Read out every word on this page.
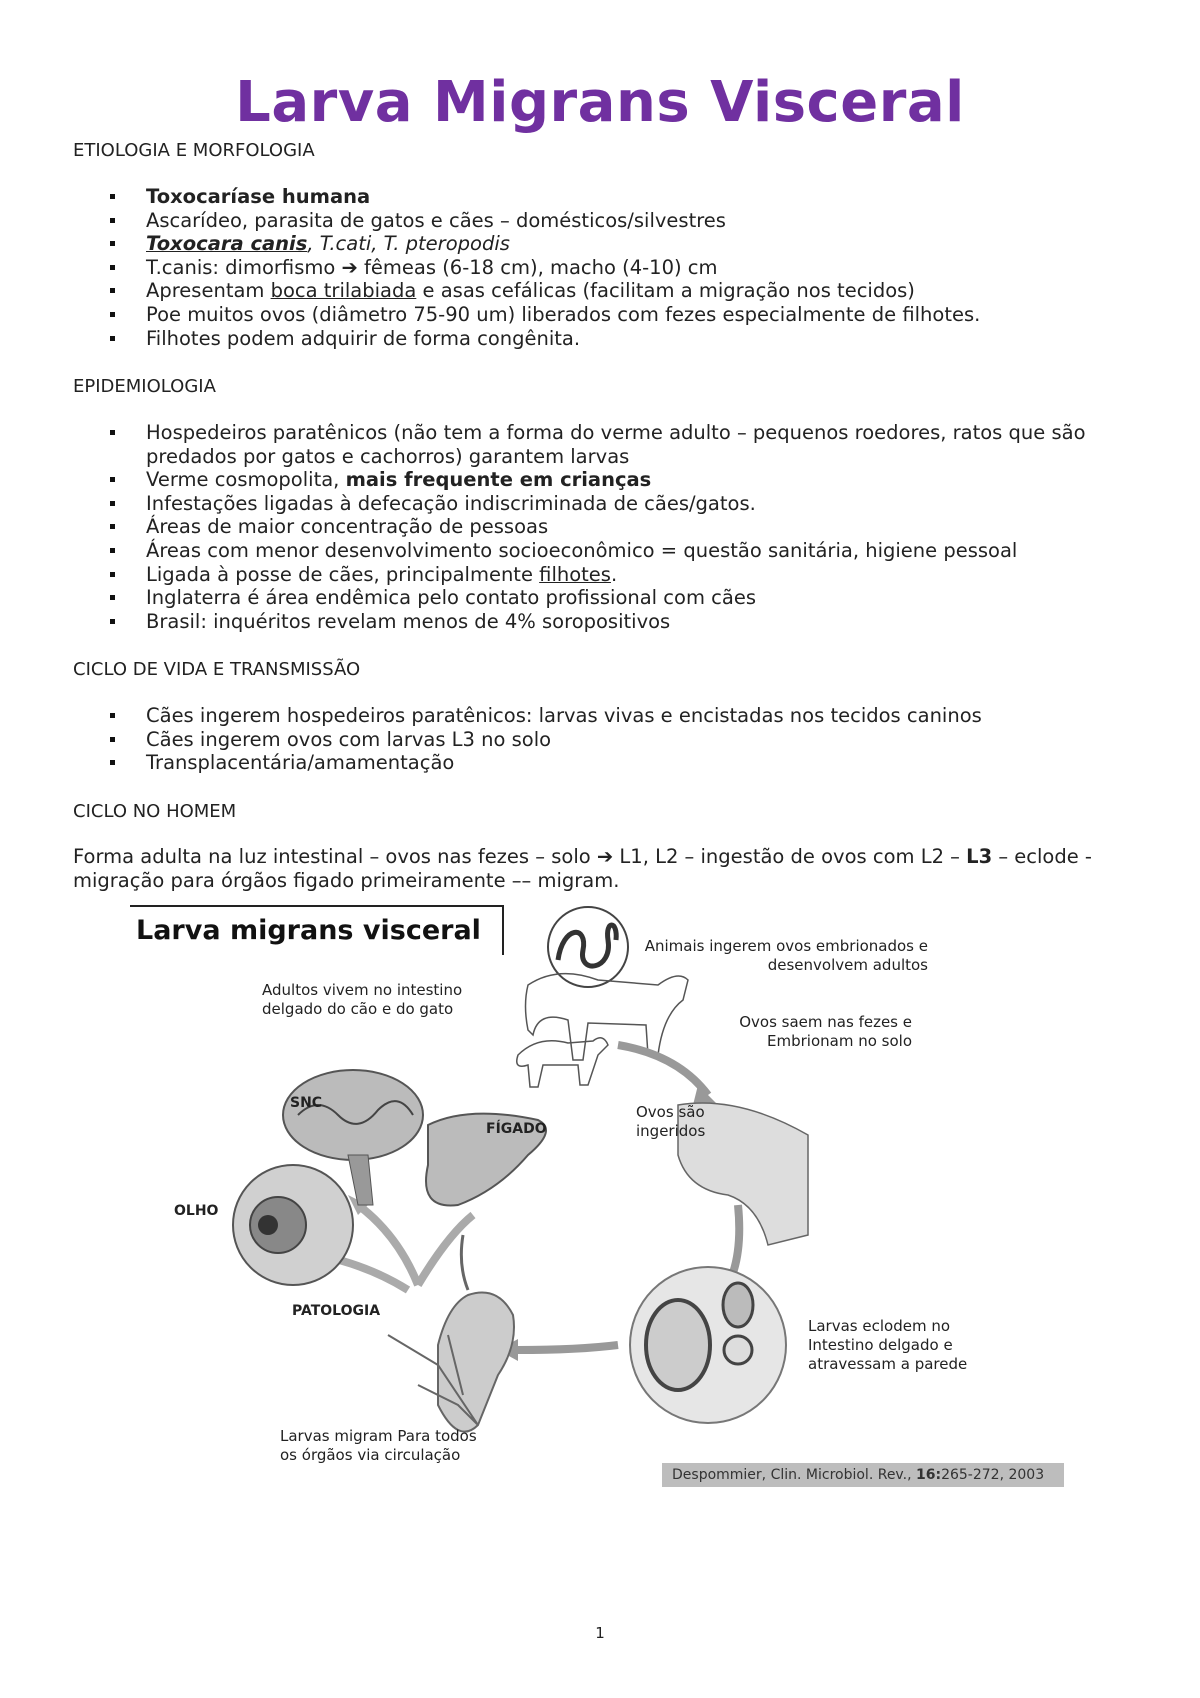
Larva Migrans Visceral

ETIOLOGIA E MORFOLOGIA

Toxocaríase humana
Ascarídeo, parasita de gatos e cães – domésticos/silvestres
Toxocara canis, T.cati, T. pteropodis
T.canis: dimorfismo ➔ fêmeas (6-18 cm), macho (4-10) cm
Apresentam boca trilabiada e asas cefálicas (facilitam a migração nos tecidos)
Poe muitos ovos (diâmetro 75-90 um) liberados com fezes especialmente de filhotes.
Filhotes podem adquirir de forma congênita.

EPIDEMIOLOGIA

Hospedeiros paratênicos (não tem a forma do verme adulto – pequenos roedores, ratos que são predados por gatos e cachorros) garantem larvas
Verme cosmopolita, mais frequente em crianças
Infestações ligadas à defecação indiscriminada de cães/gatos.
Áreas de maior concentração de pessoas
Áreas com menor desenvolvimento socioeconômico = questão sanitária, higiene pessoal
Ligada à posse de cães, principalmente filhotes.
Inglaterra é área endêmica pelo contato profissional com cães
Brasil: inquéritos revelam menos de 4% soropositivos

CICLO DE VIDA E TRANSMISSÃO

Cães ingerem hospedeiros paratênicos: larvas vivas e encistadas nos tecidos caninos
Cães ingerem ovos com larvas L3 no solo
Transplacentária/amamentação

CICLO NO HOMEM

Forma adulta na luz intestinal – ovos nas fezes – solo ➔ L1, L2 – ingestão de ovos com L2 – L3 – eclode - migração para órgãos figado primeiramente –– migram.

Larva migrans visceral
Adultos vivem no intestino delgado do cão e do gato
Animais ingerem ovos embrionados e desenvolvem adultos
Ovos saem nas fezes e Embrionam no solo
Ovos são ingeridos
Larvas eclodem no Intestino delgado e atravessam a parede
Larvas migram Para todos os órgãos via circulação
SNC
FÍGADO
OLHO
PATOLOGIA
Despommier, Clin. Microbiol. Rev., 16:265-272, 2003
1
